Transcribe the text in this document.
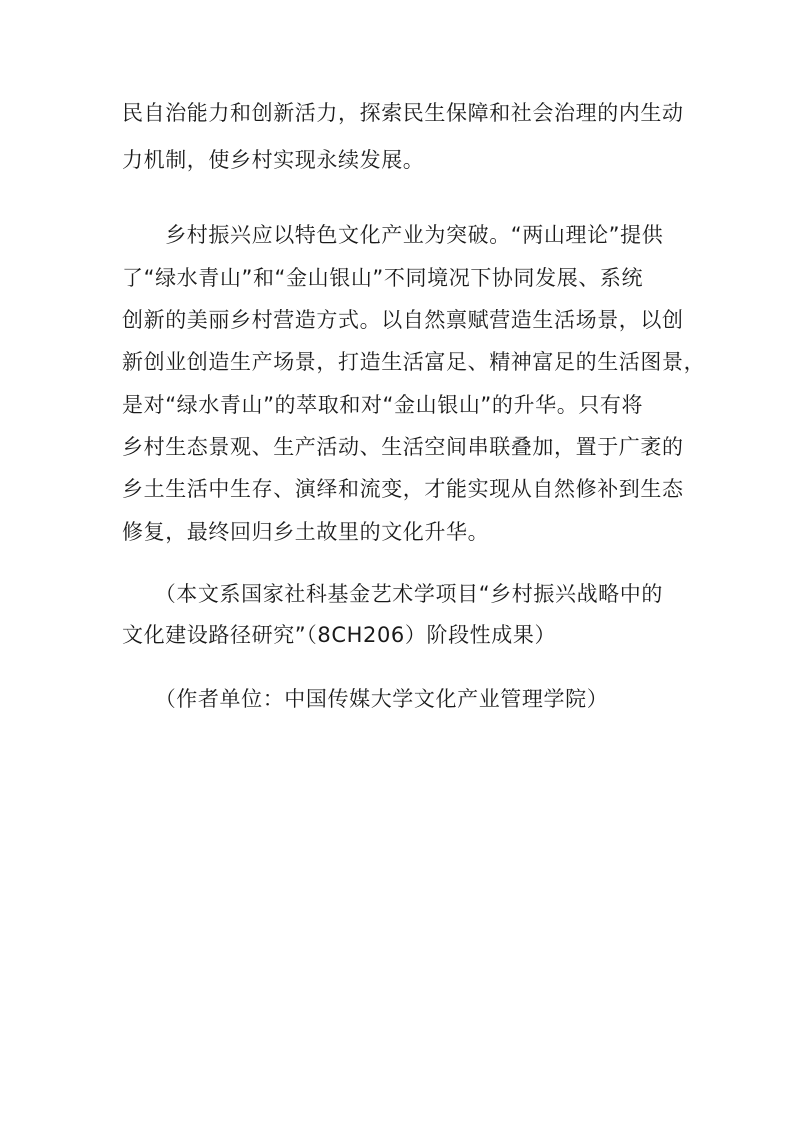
民自治能力和创新活力，探索民生保障和社会治理的内生动
力机制，使乡村实现永续发展。
　　乡村振兴应以特色文化产业为突破。“两山理论”提供
了“绿水青山”和“金山银山”不同境况下协同发展、系统
创新的美丽乡村营造方式。以自然禀赋营造生活场景，以创
新创业创造生产场景，打造生活富足、精神富足的生活图景，
是对“绿水青山”的萃取和对“金山银山”的升华。只有将
乡村生态景观、生产活动、生活空间串联叠加，置于广袤的
乡土生活中生存、演绎和流变，才能实现从自然修补到生态
修复，最终回归乡土故里的文化升华。
　　（本文系国家社科基金艺术学项目“乡村振兴战略中的
文化建设路径研究”（8CH206）阶段性成果）
　　（作者单位：中国传媒大学文化产业管理学院）
